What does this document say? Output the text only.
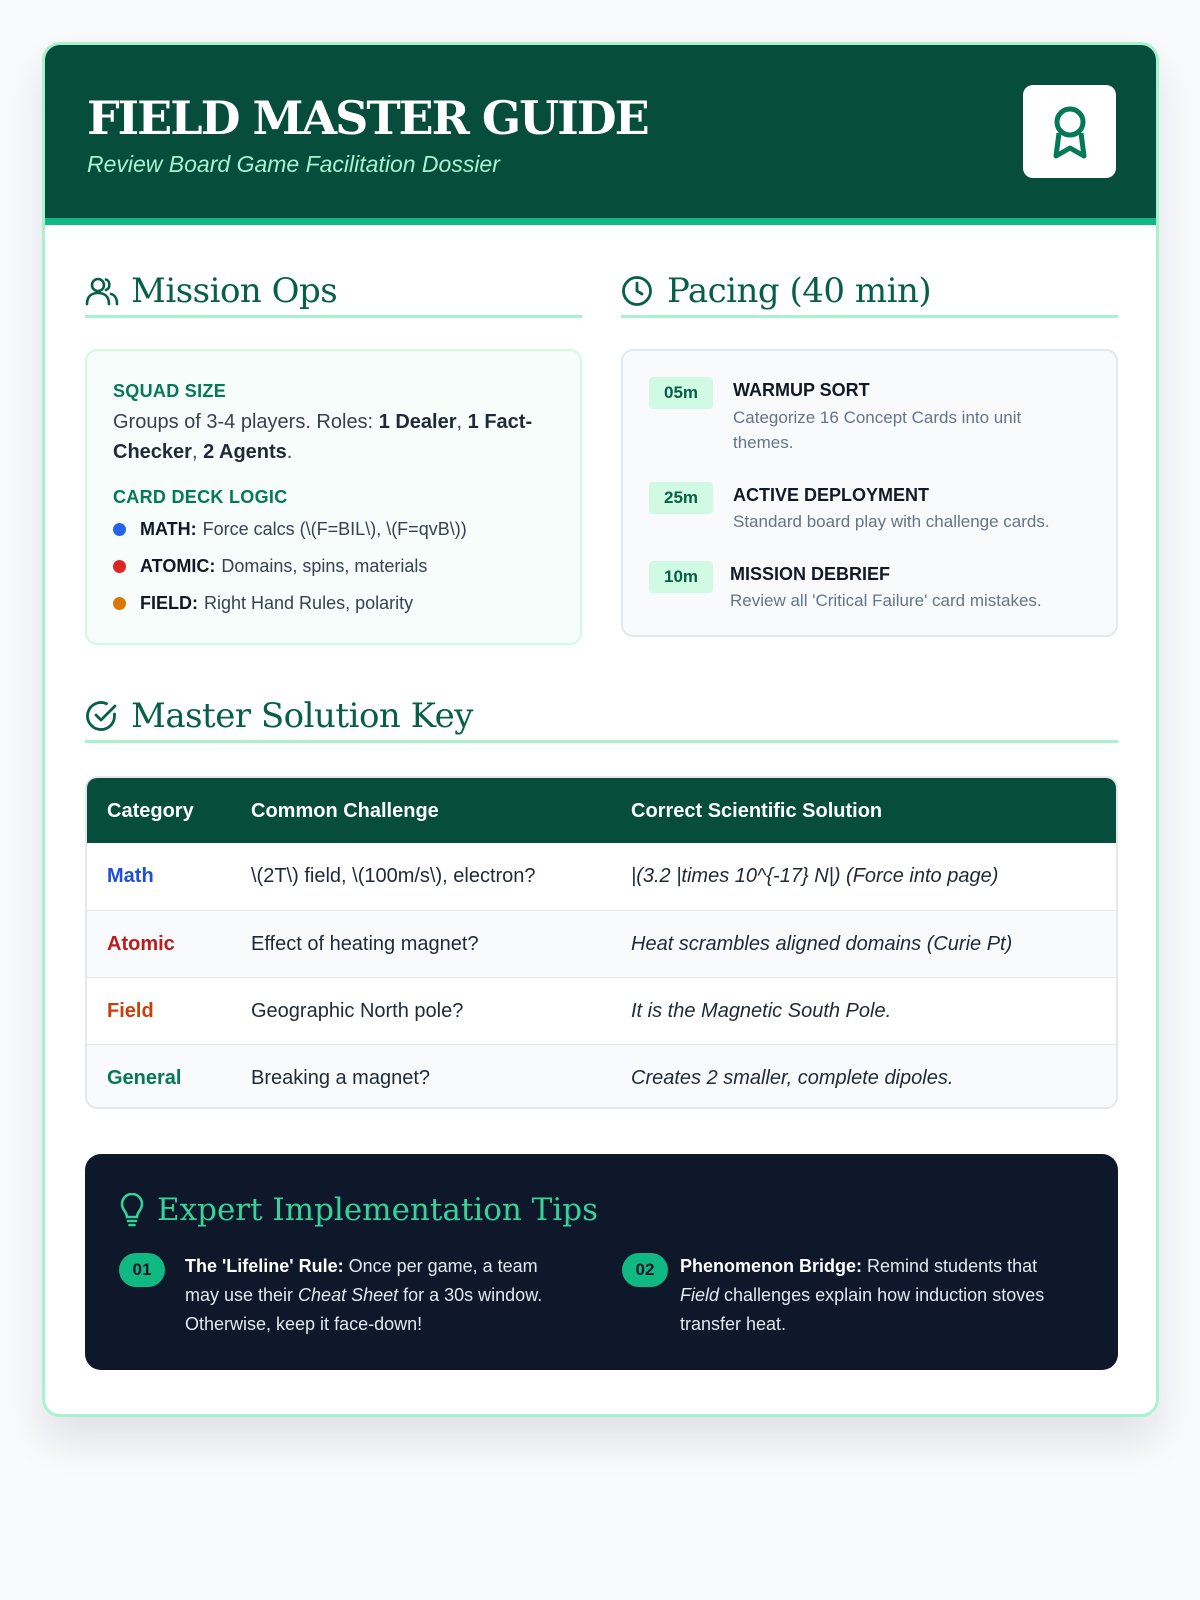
FIELD MASTER GUIDE
Review Board Game Facilitation Dossier
Mission Ops
SQUAD SIZE
Groups of 3-4 players. Roles: 1 Dealer, 1 Fact-Checker, 2 Agents.
CARD DECK LOGIC
MATH: Force calcs (\(F=BIL\), \(F=qvB\))
ATOMIC: Domains, spins, materials
FIELD: Right Hand Rules, polarity
Pacing (40 min)
05m	WARMUP SORT
Categorize 16 Concept Cards into unit themes.
25m	ACTIVE DEPLOYMENT
Standard board play with challenge cards.
10m	MISSION DEBRIEF
Review all 'Critical Failure' card mistakes.
Master Solution Key
Category	Common Challenge	Correct Scientific Solution
Math	\(2T\) field, \(100m/s\), electron?	|(3.2 |times 10^{-17} N|) (Force into page)
Atomic	Effect of heating magnet?	Heat scrambles aligned domains (Curie Pt)
Field	Geographic North pole?	It is the Magnetic South Pole.
General	Breaking a magnet?	Creates 2 smaller, complete dipoles.
Expert Implementation Tips
01	The 'Lifeline' Rule: Once per game, a team may use their Cheat Sheet for a 30s window. Otherwise, keep it face-down!
02	Phenomenon Bridge: Remind students that Field challenges explain how induction stoves transfer heat.
